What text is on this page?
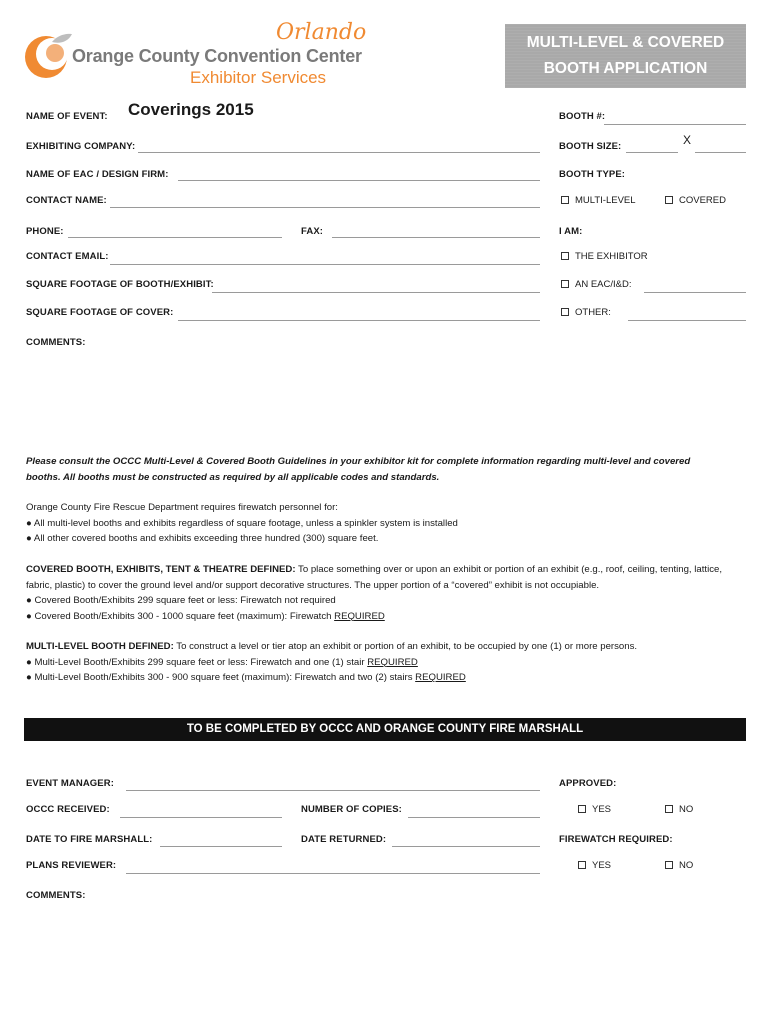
Orange County Convention Center
Exhibitor Services
Orlando	MULTI-LEVEL & COVERED
BOOTH APPLICATION
NAME OF EVENT: Coverings 2015
EXHIBITING COMPANY:
NAME OF EAC / DESIGN FIRM:
CONTACT NAME:
PHONE:	FAX:
CONTACT EMAIL:
SQUARE FOOTAGE OF BOOTH/EXHIBIT:
SQUARE FOOTAGE OF COVER:
COMMENTS:
BOOTH #:
BOOTH SIZE:	X
BOOTH TYPE:
MULTI-LEVEL	COVERED
I AM:
THE EXHIBITOR
AN EAC/I&D:
OTHER:
Please consult the OCCC Multi-Level & Covered Booth Guidelines in your exhibitor kit for complete information regarding multi-level and covered booths. All booths must be constructed as required by all applicable codes and standards.
Orange County Fire Rescue Department requires firewatch personnel for:
● All multi-level booths and exhibits regardless of square footage, unless a spinkler system is installed
● All other covered booths and exhibits exceeding three hundred (300) square feet.
COVERED BOOTH, EXHIBITS, TENT & THEATRE DEFINED: To place something over or upon an exhibit or portion of an exhibit (e.g., roof, ceiling, tenting, lattice, fabric, plastic) to cover the ground level and/or support decorative structures. The upper portion of a “covered” exhibit is not occupiable.
● Covered Booth/Exhibits 299 square feet or less: Firewatch not required
● Covered Booth/Exhibits 300 - 1000 square feet (maximum): Firewatch REQUIRED
MULTI-LEVEL BOOTH DEFINED: To construct a level or tier atop an exhibit or portion of an exhibit, to be occupied by one (1) or more persons.
● Multi-Level Booth/Exhibits 299 square feet or less: Firewatch and one (1) stair REQUIRED
● Multi-Level Booth/Exhibits 300 - 900 square feet (maximum): Firewatch and two (2) stairs REQUIRED
TO BE COMPLETED BY OCCC AND ORANGE COUNTY FIRE MARSHALL
EVENT MANAGER:
OCCC RECEIVED:	NUMBER OF COPIES:
DATE TO FIRE MARSHALL:	DATE RETURNED:
PLANS REVIEWER:
COMMENTS:
APPROVED:
YES	NO
FIREWATCH REQUIRED:
YES	NO
